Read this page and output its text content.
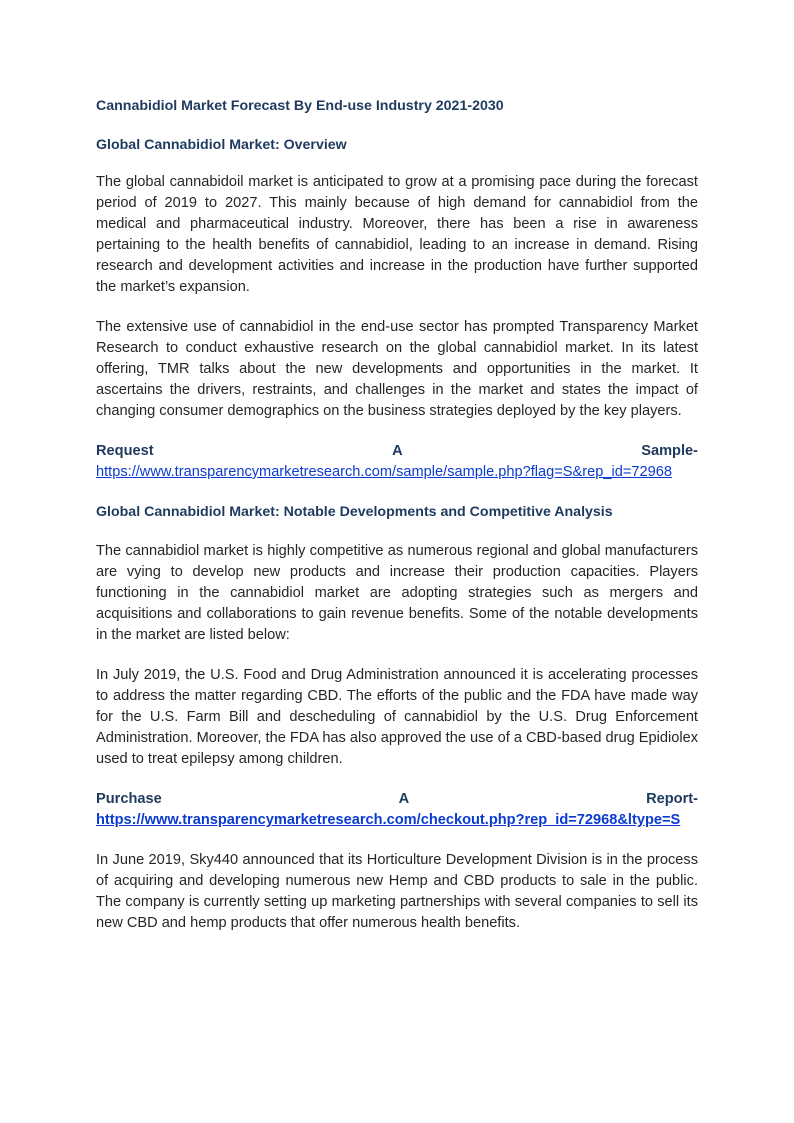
Cannabidiol Market Forecast By End-use Industry 2021-2030
Global Cannabidiol Market: Overview

The global cannabidoil market is anticipated to grow at a promising pace during the forecast period of 2019 to 2027. This mainly because of high demand for cannabidiol from the medical and pharmaceutical industry. Moreover, there has been a rise in awareness pertaining to the health benefits of cannabidiol, leading to an increase in demand. Rising research and development activities and increase in the production have further supported the market’s expansion.

The extensive use of cannabidiol in the end-use sector has prompted Transparency Market Research to conduct exhaustive research on the global cannabidiol market. In its latest offering, TMR talks about the new developments and opportunities in the market. It ascertains the drivers, restraints, and challenges in the market and states the impact of changing consumer demographics on the business strategies deployed by the key players.

Request	A	Sample-
https://www.transparencymarketresearch.com/sample/sample.php?flag=S&rep_id=72968
Global Cannabidiol Market: Notable Developments and Competitive Analysis

The cannabidiol market is highly competitive as numerous regional and global manufacturers are vying to develop new products and increase their production capacities. Players functioning in the cannabidiol market are adopting strategies such as mergers and acquisitions and collaborations to gain revenue benefits. Some of the notable developments in the market are listed below:

In July 2019, the U.S. Food and Drug Administration announced it is accelerating processes to address the matter regarding CBD. The efforts of the public and the FDA have made way for the U.S. Farm Bill and descheduling of cannabidiol by the U.S. Drug Enforcement Administration. Moreover, the FDA has also approved the use of a CBD-based drug Epidiolex used to treat epilepsy among children.

Purchase	A	Report-
https://www.transparencymarketresearch.com/checkout.php?rep_id=72968&ltype=S

In June 2019, Sky440 announced that its Horticulture Development Division is in the process of acquiring and developing numerous new Hemp and CBD products to sale in the public. The company is currently setting up marketing partnerships with several companies to sell its new CBD and hemp products that offer numerous health benefits.
